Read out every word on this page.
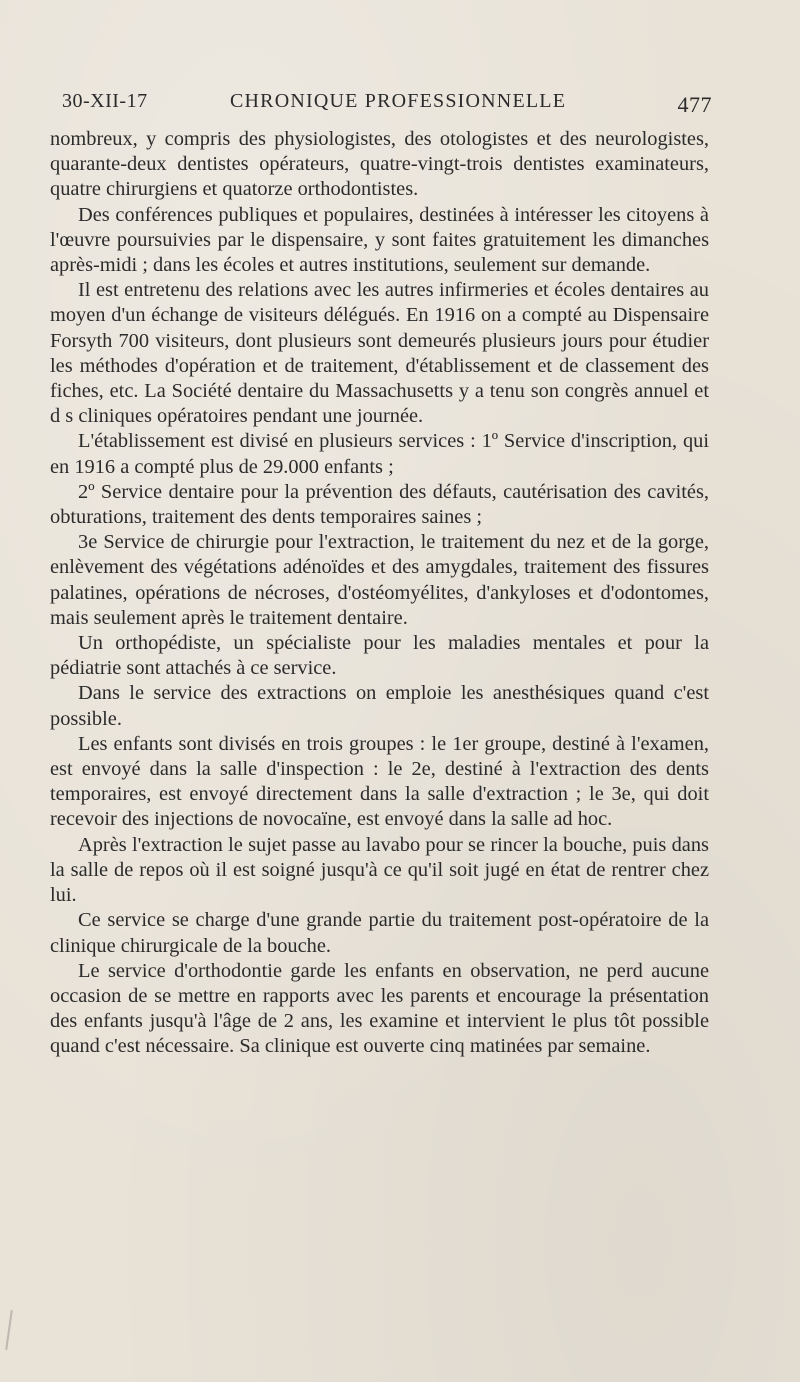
30-XII-17	CHRONIQUE PROFESSIONNELLE	477

nombreux, y compris des physiologistes, des otologistes et des neurologistes, quarante-deux dentistes opérateurs, quatre-vingt-trois dentistes examinateurs, quatre chirurgiens et quatorze orthodontistes.

Des conférences publiques et populaires, destinées à intéresser les citoyens à l'œuvre poursuivies par le dispensaire, y sont faites gratuitement les dimanches après-midi ; dans les écoles et autres institutions, seulement sur demande.

Il est entretenu des relations avec les autres infirmeries et écoles dentaires au moyen d'un échange de visiteurs délégués. En 1916 on a compté au Dispensaire Forsyth 700 visiteurs, dont plusieurs sont demeurés plusieurs jours pour étudier les méthodes d'opération et de traitement, d'établissement et de classement des fiches, etc. La Société dentaire du Massachusetts y a tenu son congrès annuel et d s cliniques opératoires pendant une journée.

L'établissement est divisé en plusieurs services : 1º Service d'inscription, qui en 1916 a compté plus de 29.000 enfants ;

2º Service dentaire pour la prévention des défauts, cautérisation des cavités, obturations, traitement des dents temporaires saines ;

3e Service de chirurgie pour l'extraction, le traitement du nez et de la gorge, enlèvement des végétations adénoïdes et des amygdales, traitement des fissures palatines, opérations de nécroses, d'ostéomyélites, d'ankyloses et d'odontomes, mais seulement après le traitement dentaire.

Un orthopédiste, un spécialiste pour les maladies mentales et pour la pédiatrie sont attachés à ce service.

Dans le service des extractions on emploie les anesthésiques quand c'est possible.

Les enfants sont divisés en trois groupes : le 1er groupe, destiné à l'examen, est envoyé dans la salle d'inspection : le 2e, destiné à l'extraction des dents temporaires, est envoyé directement dans la salle d'extraction ; le 3e, qui doit recevoir des injections de novocaïne, est envoyé dans la salle ad hoc.

Après l'extraction le sujet passe au lavabo pour se rincer la bouche, puis dans la salle de repos où il est soigné jusqu'à ce qu'il soit jugé en état de rentrer chez lui.

Ce service se charge d'une grande partie du traitement post-opératoire de la clinique chirurgicale de la bouche.

Le service d'orthodontie garde les enfants en observation, ne perd aucune occasion de se mettre en rapports avec les parents et encourage la présentation des enfants jusqu'à l'âge de 2 ans, les examine et intervient le plus tôt possible quand c'est nécessaire. Sa clinique est ouverte cinq matinées par semaine.
